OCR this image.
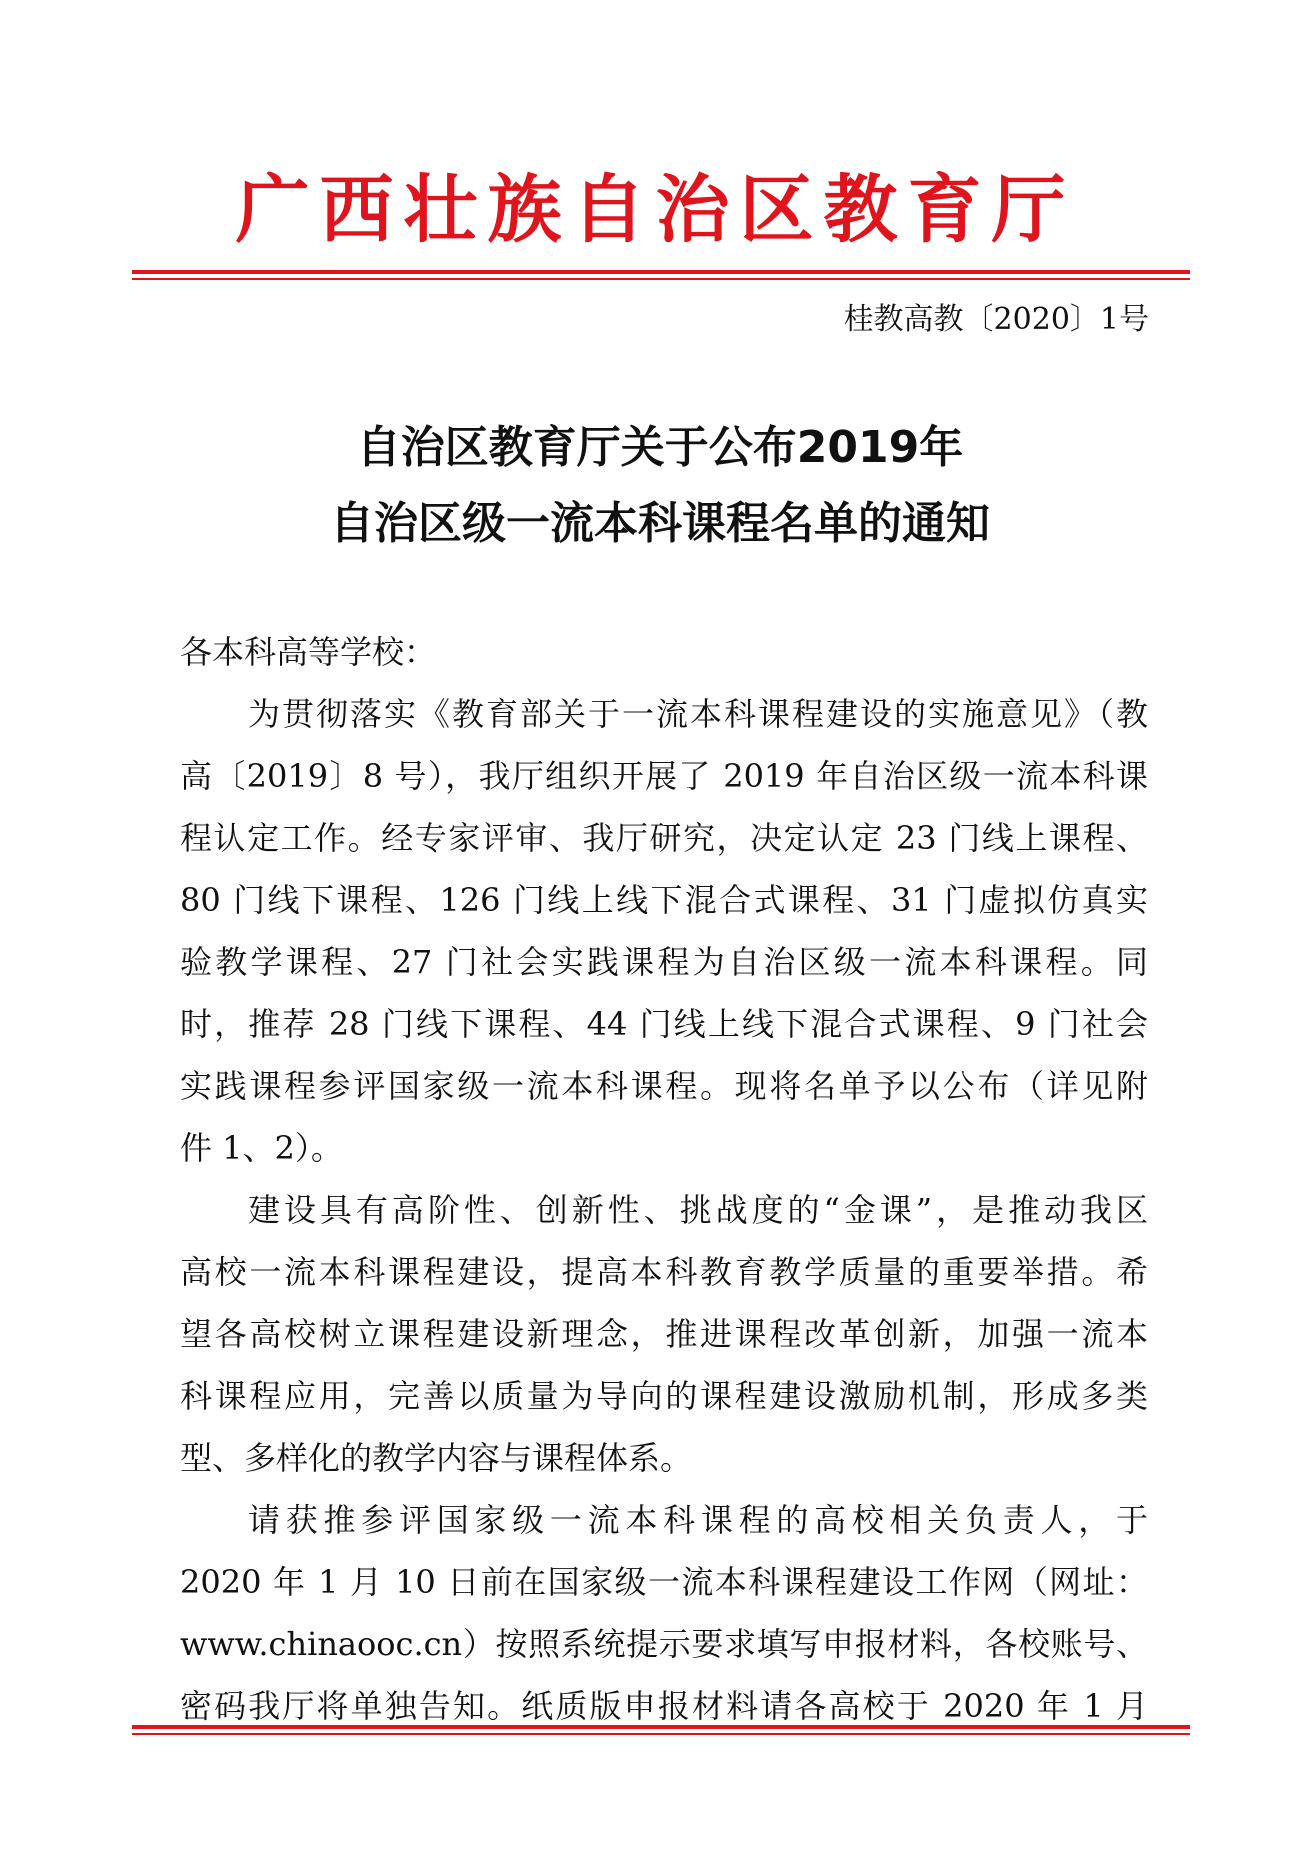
广西壮族自治区教育厅
桂教高教〔2020〕1号
自治区教育厅关于公布2019年
自治区级一流本科课程名单的通知
各本科高等学校：
为贯彻落实《教育部关于一流本科课程建设的实施意见》（教
高〔2019〕8 号），我厅组织开展了 2019 年自治区级一流本科课
程认定工作。经专家评审、我厅研究，决定认定 23 门线上课程、
80 门线下课程、126 门线上线下混合式课程、31 门虚拟仿真实
验教学课程、27 门社会实践课程为自治区级一流本科课程。同
时，推荐 28 门线下课程、44 门线上线下混合式课程、9 门社会
实践课程参评国家级一流本科课程。现将名单予以公布（详见附
件 1、2）。
建设具有高阶性、创新性、挑战度的“金课”，是推动我区
高校一流本科课程建设，提高本科教育教学质量的重要举措。希
望各高校树立课程建设新理念，推进课程改革创新，加强一流本
科课程应用，完善以质量为导向的课程建设激励机制，形成多类
型、多样化的教学内容与课程体系。
请获推参评国家级一流本科课程的高校相关负责人，于
2020 年 1 月 10 日前在国家级一流本科课程建设工作网（网址：
www.chinaooc.cn）按照系统提示要求填写申报材料，各校账号、
密码我厅将单独告知。纸质版申报材料请各高校于 2020 年 1 月
